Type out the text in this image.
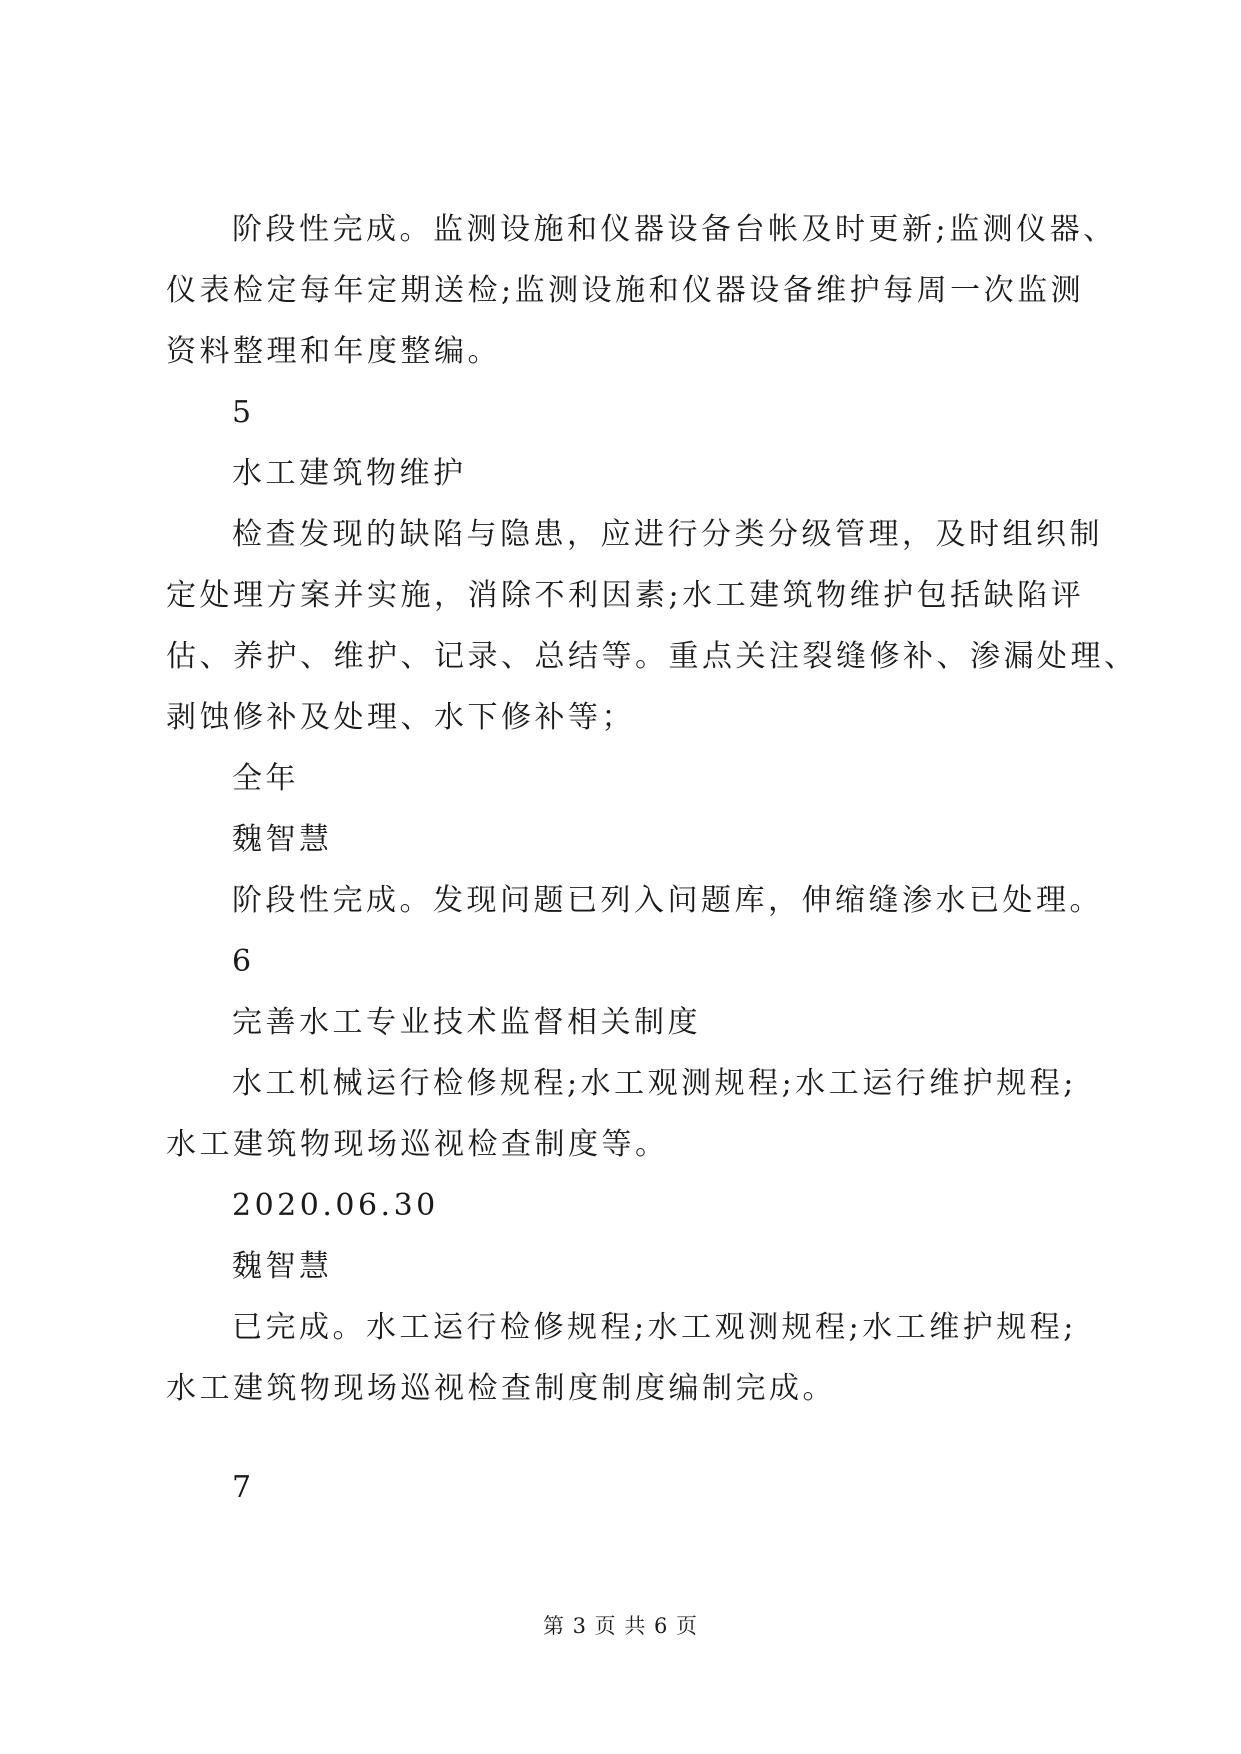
阶段性完成。监测设施和仪器设备台帐及时更新;监测仪器、
仪表检定每年定期送检;监测设施和仪器设备维护每周一次监测
资料整理和年度整编。
5
水工建筑物维护
检查发现的缺陷与隐患，应进行分类分级管理，及时组织制
定处理方案并实施，消除不利因素;水工建筑物维护包括缺陷评
估、养护、维护、记录、总结等。重点关注裂缝修补、渗漏处理、
剥蚀修补及处理、水下修补等；
全年
魏智慧
阶段性完成。发现问题已列入问题库，伸缩缝渗水已处理。
6
完善水工专业技术监督相关制度
水工机械运行检修规程;水工观测规程;水工运行维护规程;
水工建筑物现场巡视检查制度等。
2020.06.30
魏智慧
已完成。水工运行检修规程;水工观测规程;水工维护规程;
水工建筑物现场巡视检查制度制度编制完成。
7
第 3 页 共 6 页
